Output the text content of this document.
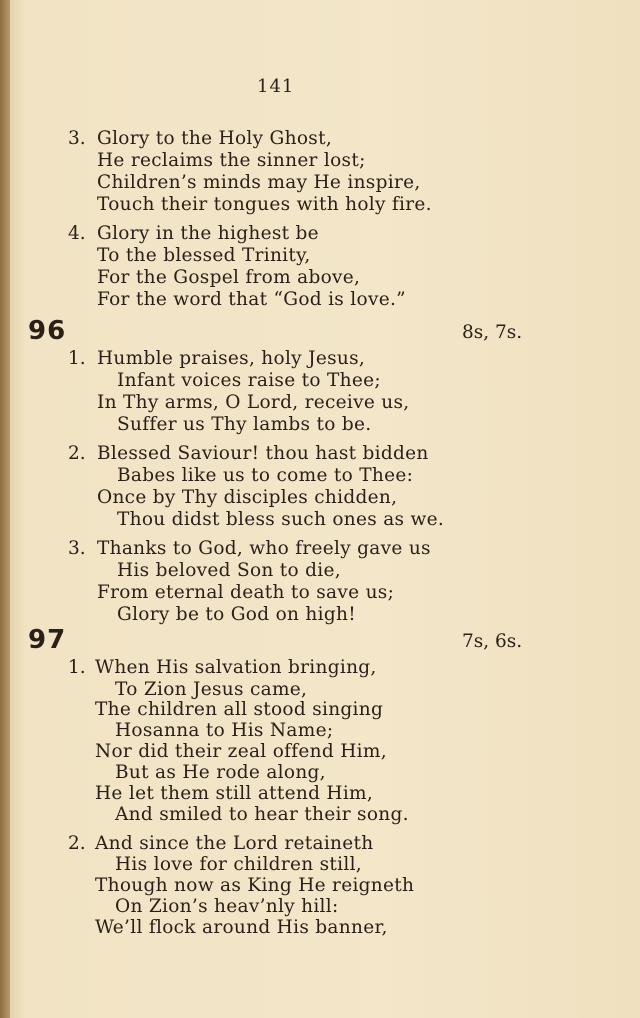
141
3. Glory to the Holy Ghost,
He reclaims the sinner lost;
Children’s minds may He inspire,
Touch their tongues with holy fire.
4. Glory in the highest be
To the blessed Trinity,
For the Gospel from above,
For the word that “God is love.”
96	8s, 7s.
1. Humble praises, holy Jesus,
Infant voices raise to Thee;
In Thy arms, O Lord, receive us,
Suffer us Thy lambs to be.
2. Blessed Saviour! thou hast bidden
Babes like us to come to Thee:
Once by Thy disciples chidden,
Thou didst bless such ones as we.
3. Thanks to God, who freely gave us
His beloved Son to die,
From eternal death to save us;
Glory be to God on high!
97	7s, 6s.
1. When His salvation bringing,
To Zion Jesus came,
The children all stood singing
Hosanna to His Name;
Nor did their zeal offend Him,
But as He rode along,
He let them still attend Him,
And smiled to hear their song.
2. And since the Lord retaineth
His love for children still,
Though now as King He reigneth
On Zion’s heav’nly hill:
We’ll flock around His banner,
